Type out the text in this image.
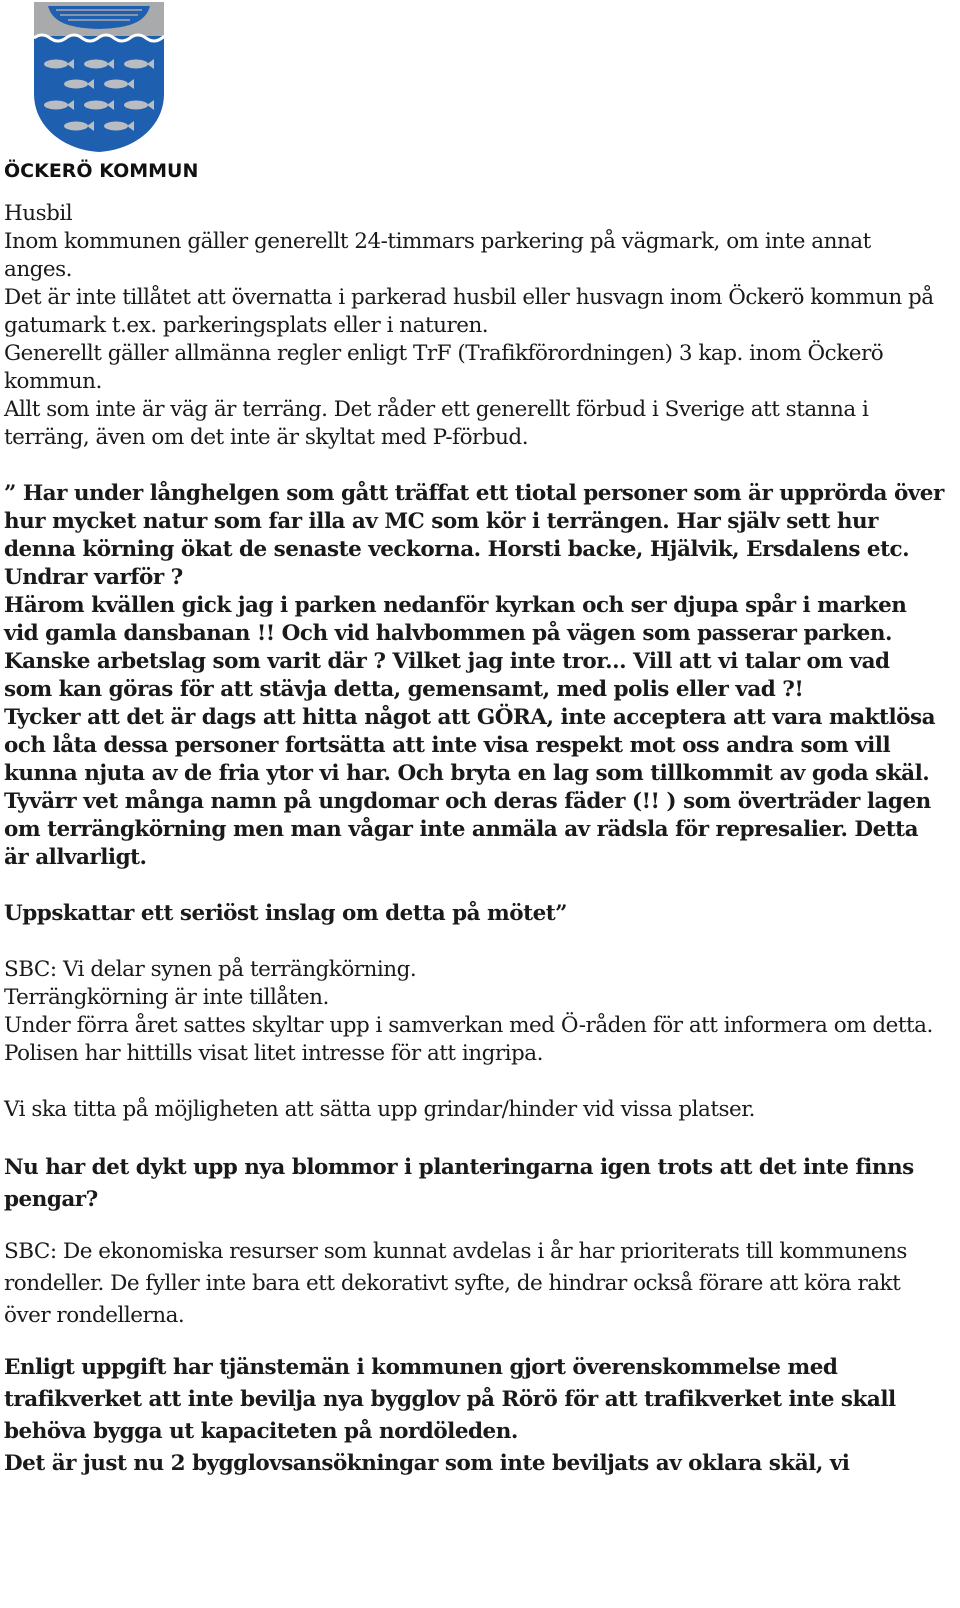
ÖCKERÖ KOMMUN

Husbil

Inom kommunen gäller generellt 24-timmars parkering på vägmark, om inte annat anges.

Det är inte tillåtet att övernatta i parkerad husbil eller husvagn inom Öckerö kommun på gatumark t.ex. parkeringsplats eller i naturen.

Generellt gäller allmänna regler enligt TrF (Trafikförordningen) 3 kap. inom Öckerö kommun.

Allt som inte är väg är terräng. Det råder ett generellt förbud i Sverige att stanna i terräng, även om det inte är skyltat med P-förbud.

” Har under långhelgen som gått träffat ett tiotal personer som är upprörda över hur mycket natur som far illa av MC som kör i terrängen. Har själv sett hur denna körning ökat de senaste veckorna. Horsti backe, Hjälvik, Ersdalens etc. Undrar varför ?

Härom kvällen gick jag i parken nedanför kyrkan och ser djupa spår i marken vid gamla dansbanan !! Och vid halvbommen på vägen som passerar parken. Kanske arbetslag som varit där ? Vilket jag inte tror... Vill att vi talar om vad som kan göras för att stävja detta, gemensamt, med polis eller vad ?!

Tycker att det är dags att hitta något att GÖRA, inte acceptera att vara maktlösa och låta dessa personer fortsätta att inte visa respekt mot oss andra som vill kunna njuta av de fria ytor vi har. Och bryta en lag som tillkommit av goda skäl.

Tyvärr vet många namn på ungdomar och deras fäder (!! ) som överträder lagen om terrängkörning men man vågar inte anmäla av rädsla för represalier. Detta är allvarligt.

Uppskattar ett seriöst inslag om detta på mötet”

SBC: Vi delar synen på terrängkörning.

Terrängkörning är inte tillåten.

Under förra året sattes skyltar upp i samverkan med Ö-råden för att informera om detta.

Polisen har hittills visat litet intresse för att ingripa.

Vi ska titta på möjligheten att sätta upp grindar/hinder vid vissa platser.

Nu har det dykt upp nya blommor i planteringarna igen trots att det inte finns pengar?

SBC: De ekonomiska resurser som kunnat avdelas i år har prioriterats till kommunens rondeller. De fyller inte bara ett dekorativt syfte, de hindrar också förare att köra rakt över rondellerna.

Enligt uppgift har tjänstemän i kommunen gjort överenskommelse med trafikverket att inte bevilja nya bygglov på Rörö för att trafikverket inte skall behöva bygga ut kapaciteten på nordöleden.

Det är just nu 2 bygglovsansökningar som inte beviljats av oklara skäl, vi
